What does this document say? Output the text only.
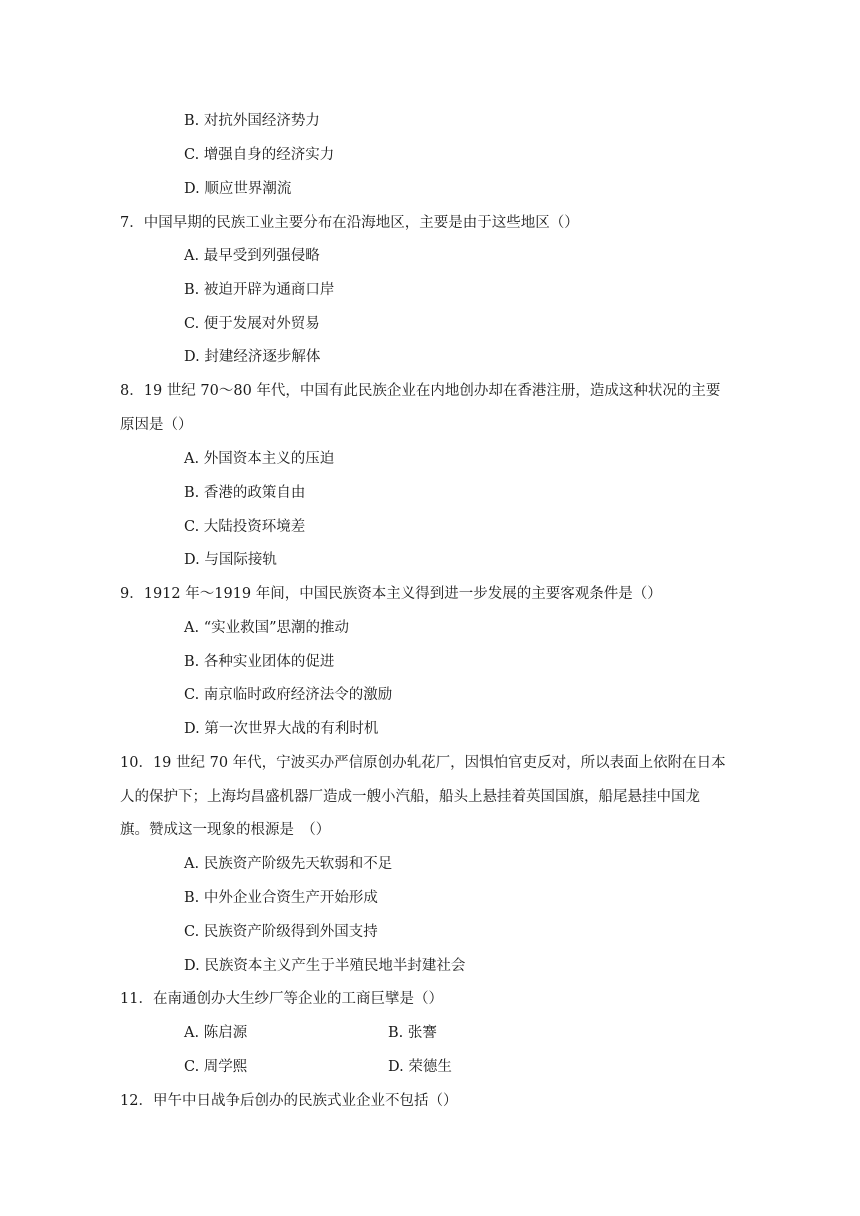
B. 对抗外国经济势力
C. 增强自身的经济实力
D. 顺应世界潮流
7．中国早期的民族工业主要分布在沿海地区，主要是由于这些地区（）
A. 最早受到列强侵略
B. 被迫开辟为通商口岸
C. 便于发展对外贸易
D. 封建经济逐步解体
8．19 世纪 70～80 年代，中国有此民族企业在内地创办却在香港注册，造成这种状况的主要
原因是（）
A. 外国资本主义的压迫
B. 香港的政策自由
C. 大陆投资环境差
D. 与国际接轨
9．1912 年～1919 年间，中国民族资本主义得到进一步发展的主要客观条件是（）
A. “实业救国”思潮的推动
B. 各种实业团体的促进
C. 南京临时政府经济法令的激励
D. 第一次世界大战的有利时机
10．19 世纪 70 年代，宁波买办严信原创办轧花厂，因惧怕官吏反对，所以表面上依附在日本
人的保护下；上海均昌盛机器厂造成一艘小汽船，船头上悬挂着英国国旗，船尾悬挂中国龙
旗。赞成这一现象的根源是　（）
A. 民族资产阶级先天软弱和不足
B. 中外企业合资生产开始形成
C. 民族资产阶级得到外国支持
D. 民族资本主义产生于半殖民地半封建社会
11．在南通创办大生纱厂等企业的工商巨擘是（）
A. 陈启源	B. 张謇
C. 周学熙	D. 荣德生
12．甲午中日战争后创办的民族式业企业不包括（）
